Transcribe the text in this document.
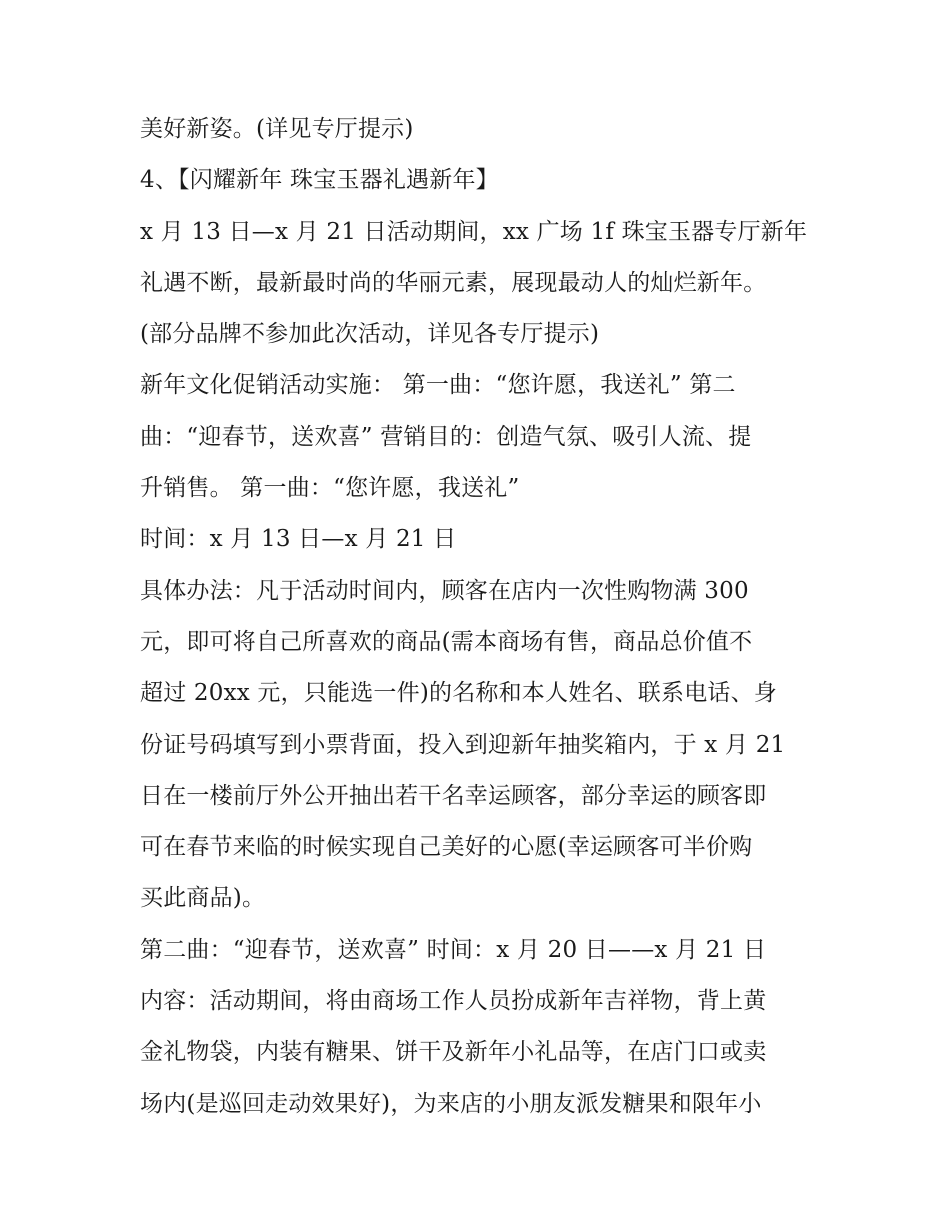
美好新姿。(详见专厅提示)
4、【闪耀新年 珠宝玉器礼遇新年】
x 月 13 日—x 月 21 日活动期间，xx 广场 1f 珠宝玉器专厅新年
礼遇不断，最新最时尚的华丽元素，展现最动人的灿烂新年。
(部分品牌不参加此次活动，详见各专厅提示)
新年文化促销活动实施： 第一曲：“您许愿，我送礼” 第二
曲：“迎春节，送欢喜” 营销目的：创造气氛、吸引人流、提
升销售。 第一曲：“您许愿，我送礼”
时间：x 月 13 日—x 月 21 日
具体办法：凡于活动时间内，顾客在店内一次性购物满 300
元，即可将自己所喜欢的商品(需本商场有售，商品总价值不
超过 20xx 元，只能选一件)的名称和本人姓名、联系电话、身
份证号码填写到小票背面，投入到迎新年抽奖箱内，于 x 月 21
日在一楼前厅外公开抽出若干名幸运顾客，部分幸运的顾客即
可在春节来临的时候实现自己美好的心愿(幸运顾客可半价购
买此商品)。
第二曲：“迎春节，送欢喜” 时间：x 月 20 日——x 月 21 日
内容：活动期间，将由商场工作人员扮成新年吉祥物，背上黄
金礼物袋，内装有糖果、饼干及新年小礼品等，在店门口或卖
场内(是巡回走动效果好)，为来店的小朋友派发糖果和限年小
